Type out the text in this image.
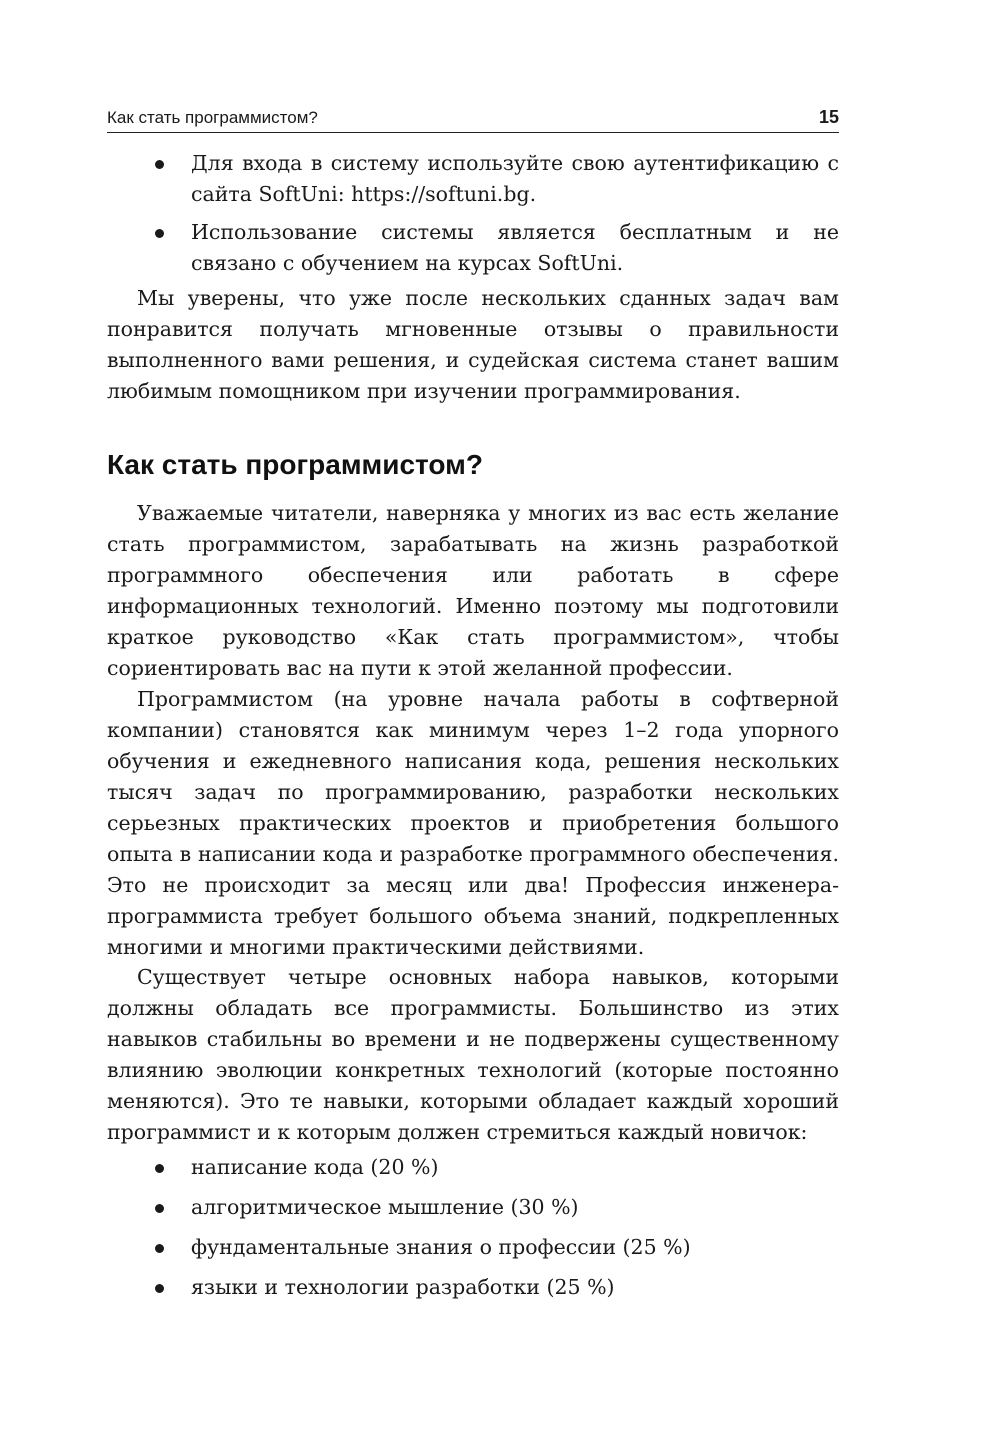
Как стать программистом?	15
Для входа в систему используйте свою аутентификацию с сайта SoftUni: https://softuni.bg.
Использование системы является бесплатным и не связано с обучением на курсах SoftUni.

Мы уверены, что уже после нескольких сданных задач вам понравится получать мгновенные отзывы о правильности выполненного вами решения, и судейская система станет вашим любимым помощником при изучении программирования.

Как стать программистом?

Уважаемые читатели, наверняка у многих из вас есть желание стать программистом, зарабатывать на жизнь разработкой программного обеспечения или работать в сфере информационных технологий. Именно поэтому мы подготовили краткое руководство «Как стать программистом», чтобы сориентировать вас на пути к этой желанной профессии.

Программистом (на уровне начала работы в софтверной компании) становятся как минимум через 1–2 года упорного обучения и ежедневного написания кода, решения нескольких тысяч задач по программированию, разработки нескольких серьезных практических проектов и приобретения большого опыта в написании кода и разработке программного обеспечения. Это не происходит за месяц или два! Профессия инженера-программиста требует большого объема знаний, подкрепленных многими и многими практическими действиями.

Существует четыре основных набора навыков, которыми должны обладать все программисты. Большинство из этих навыков стабильны во времени и не подвержены существенному влиянию эволюции конкретных технологий (которые постоянно меняются). Это те навыки, которыми обладает каждый хороший программист и к которым должен стремиться каждый новичок:

написание кода (20 %)
алгоритмическое мышление (30 %)
фундаментальные знания о профессии (25 %)
языки и технологии разработки (25 %)
